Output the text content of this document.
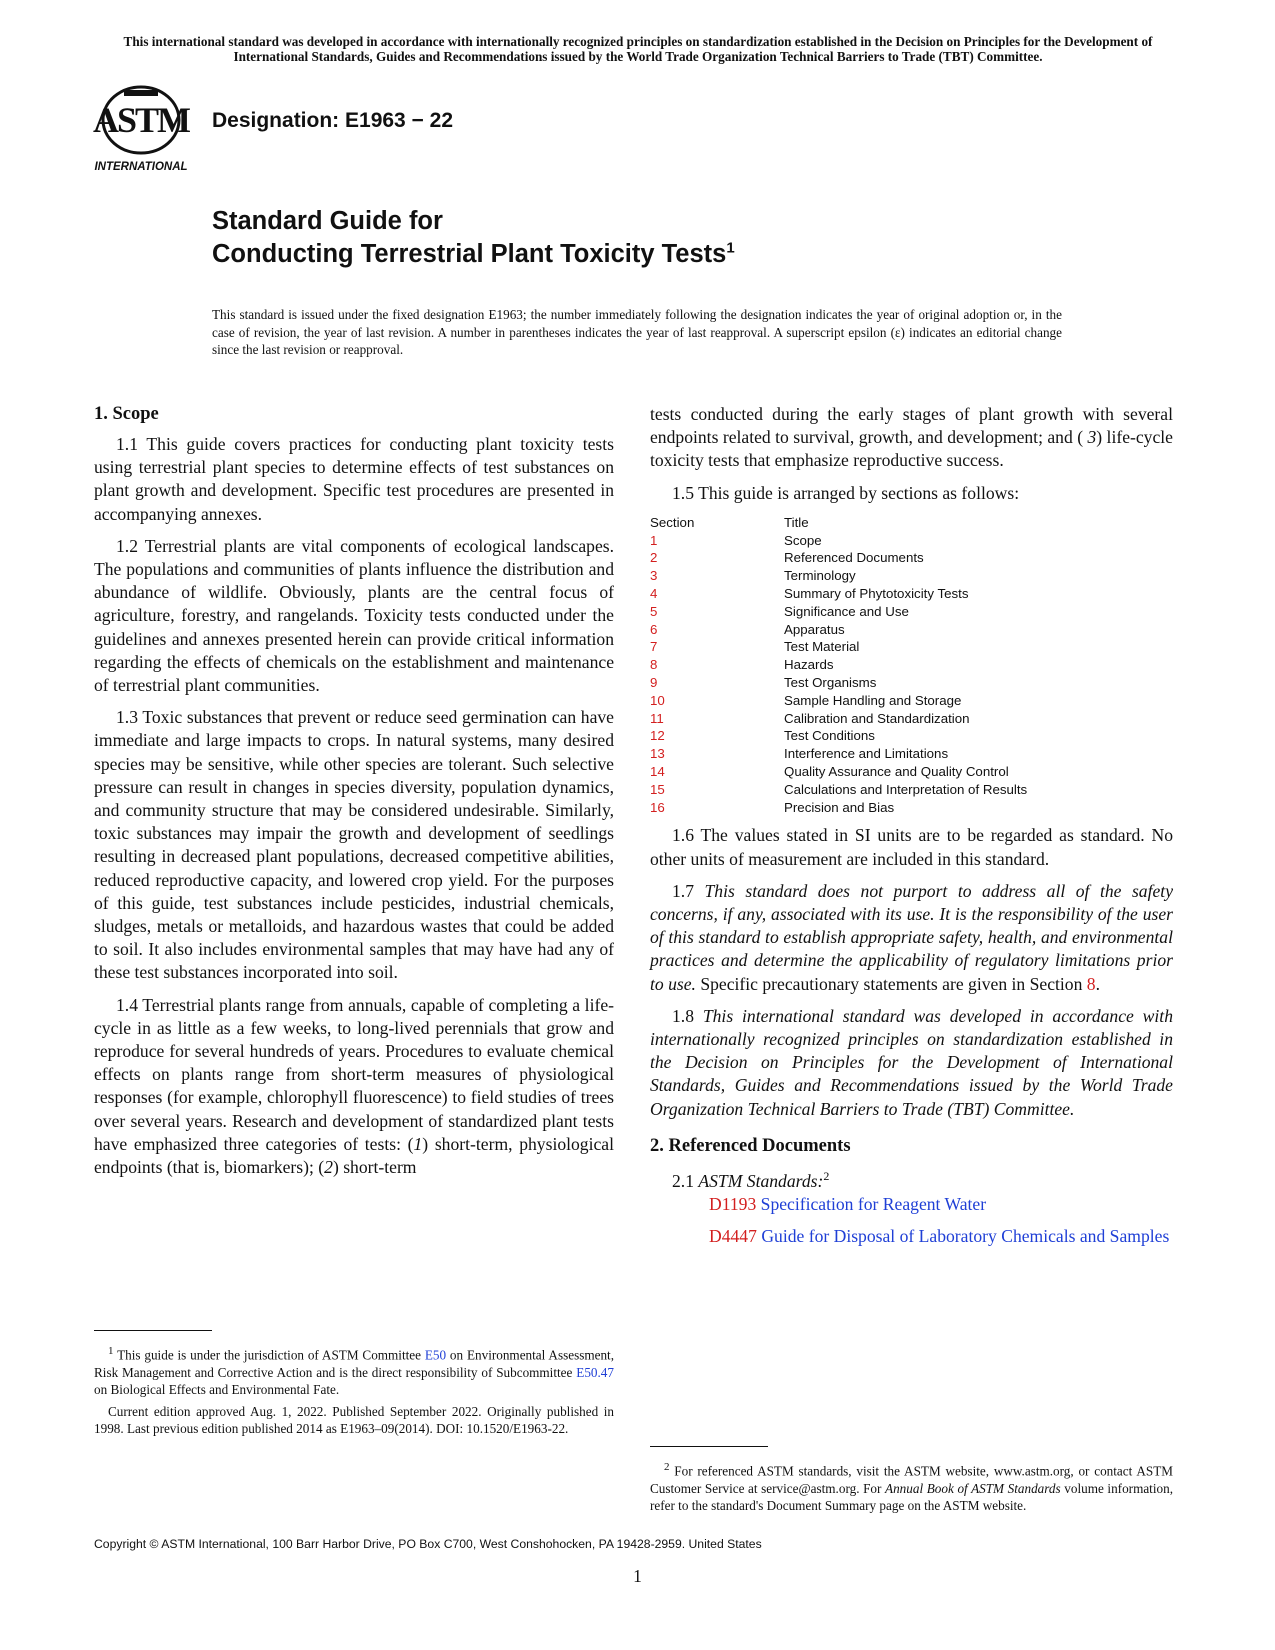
This international standard was developed in accordance with internationally recognized principles on standardization established in the Decision on Principles for the Development of International Standards, Guides and Recommendations issued by the World Trade Organization Technical Barriers to Trade (TBT) Committee.
ASTM
INTERNATIONAL
Designation: E1963 − 22
Standard Guide for
Conducting Terrestrial Plant Toxicity Tests$^1$
This standard is issued under the fixed designation E1963; the number immediately following the designation indicates the year of original adoption or, in the case of revision, the year of last revision. A number in parentheses indicates the year of last reapproval. A superscript epsilon (ε) indicates an editorial change since the last revision or reapproval.
1. Scope

1.1 This guide covers practices for conducting plant toxicity tests using terrestrial plant species to determine effects of test substances on plant growth and development. Specific test procedures are presented in accompanying annexes.

1.2 Terrestrial plants are vital components of ecological landscapes. The populations and communities of plants influence the distribution and abundance of wildlife. Obviously, plants are the central focus of agriculture, forestry, and rangelands. Toxicity tests conducted under the guidelines and annexes presented herein can provide critical information regarding the effects of chemicals on the establishment and maintenance of terrestrial plant communities.

1.3 Toxic substances that prevent or reduce seed germination can have immediate and large impacts to crops. In natural systems, many desired species may be sensitive, while other species are tolerant. Such selective pressure can result in changes in species diversity, population dynamics, and community structure that may be considered undesirable. Similarly, toxic substances may impair the growth and development of seedlings resulting in decreased plant populations, decreased competitive abilities, reduced reproductive capacity, and lowered crop yield. For the purposes of this guide, test substances include pesticides, industrial chemicals, sludges, metals or metalloids, and hazardous wastes that could be added to soil. It also includes environmental samples that may have had any of these test substances incorporated into soil.

1.4 Terrestrial plants range from annuals, capable of completing a life-cycle in as little as a few weeks, to long-lived perennials that grow and reproduce for several hundreds of years. Procedures to evaluate chemical effects on plants range from short-term measures of physiological responses (for example, chlorophyll fluorescence) to field studies of trees over several years. Research and development of standardized plant tests have emphasized three categories of tests: (1) short-term, physiological endpoints (that is, biomarkers); (2) short-term

tests conducted during the early stages of plant growth with several endpoints related to survival, growth, and development; and ( 3) life-cycle toxicity tests that emphasize reproductive success.

1.5 This guide is arranged by sections as follows:

Section	Title
1	Scope
2	Referenced Documents
3	Terminology
4	Summary of Phytotoxicity Tests
5	Significance and Use
6	Apparatus
7	Test Material
8	Hazards
9	Test Organisms
10	Sample Handling and Storage
11	Calibration and Standardization
12	Test Conditions
13	Interference and Limitations
14	Quality Assurance and Quality Control
15	Calculations and Interpretation of Results
16	Precision and Bias

1.6 The values stated in SI units are to be regarded as standard. No other units of measurement are included in this standard.

1.7 This standard does not purport to address all of the safety concerns, if any, associated with its use. It is the responsibility of the user of this standard to establish appropriate safety, health, and environmental practices and determine the applicability of regulatory limitations prior to use. Specific precautionary statements are given in Section 8.

1.8 This international standard was developed in accordance with internationally recognized principles on standardization established in the Decision on Principles for the Development of International Standards, Guides and Recommendations issued by the World Trade Organization Technical Barriers to Trade (TBT) Committee.

2. Referenced Documents

2.1 ASTM Standards:$^2$

D1193 Specification for Reagent Water

D4447 Guide for Disposal of Laboratory Chemicals and Samples

$^1$ This guide is under the jurisdiction of ASTM Committee E50 on Environmental Assessment, Risk Management and Corrective Action and is the direct responsibility of Subcommittee E50.47 on Biological Effects and Environmental Fate.

Current edition approved Aug. 1, 2022. Published September 2022. Originally published in 1998. Last previous edition published 2014 as E1963–09(2014). DOI: 10.1520/E1963-22.

$^2$ For referenced ASTM standards, visit the ASTM website, www.astm.org, or contact ASTM Customer Service at service@astm.org. For Annual Book of ASTM Standards volume information, refer to the standard's Document Summary page on the ASTM website.

Copyright © ASTM International, 100 Barr Harbor Drive, PO Box C700, West Conshohocken, PA 19428-2959. United States
1
